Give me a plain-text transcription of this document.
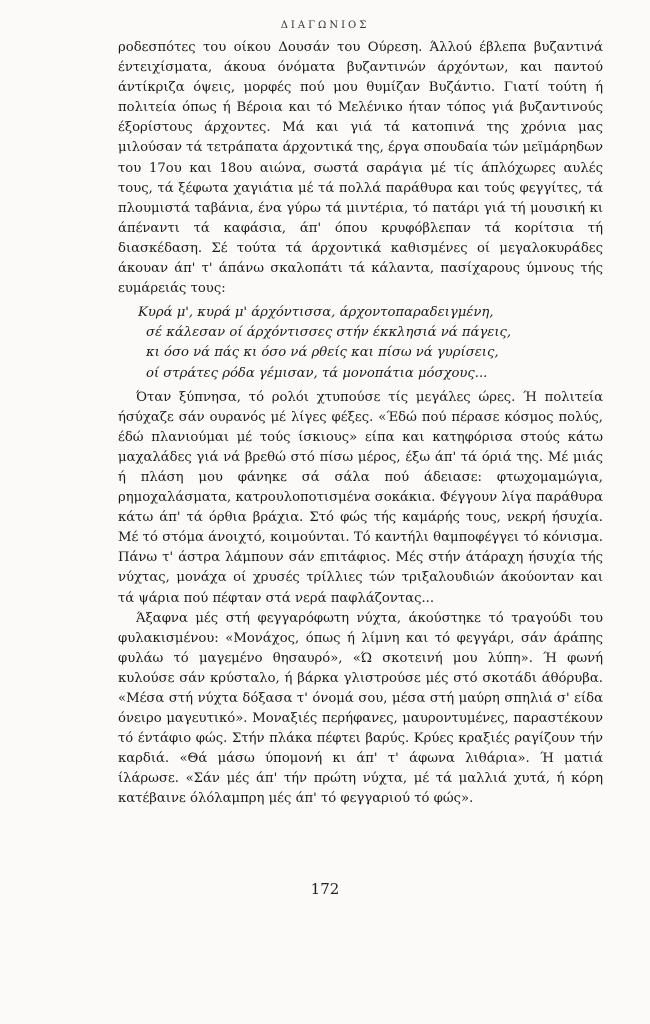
ΔΙΑΓΩΝΙΟΣ

ροδεσπότες του οίκου Δουσάν του Ούρεση. Άλλού έβλεπα βυζαντινά έντειχίσματα, άκουα όνόματα βυζαντινών άρχόντων, και παντού άντίκριζα όψεις, μορφές πού μου θυμίζαν Βυζάντιο. Γιατί τούτη ή πολιτεία όπως ή Βέροια και τό Μελένικο ήταν τόπος γιά βυζαντινούς έξορίστους άρχοντες. Μά και γιά τά κατοπινά της χρόνια μας μιλούσαν τά τετράπατα άρχοντικά της, έργα σπουδαία τών μεϊμάρηδων του 17ου και 18ου αιώνα, σωστά σαράγια μέ τίς άπλόχωρες αυλές τους, τά ξέφωτα χαγιάτια μέ τά πολλά παράθυρα και τούς φεγγίτες, τά πλουμιστά ταβάνια, ένα γύρω τά μιντέρια, τό πατάρι γιά τή μουσική κι άπέναντι τά καφάσια, άπ' όπου κρυφόβλεπαν τά κορίτσια τή διασκέδαση. Σέ τούτα τά άρχοντικά καθισμένες οί μεγαλοκυράδες άκουαν άπ' τ' άπάνω σκαλοπάτι τά κάλαντα, πασίχαρους ύμνους τής ευμάρειάς τους:

Κυρά μ', κυρά μ' άρχόντισσα, άρχοντοπαραδειγμένη,
σέ κάλεσαν οί άρχόντισσες στήν έκκλησιά νά πάγεις,
κι όσο νά πάς κι όσο νά ρθείς και πίσω νά γυρίσεις,
οί στράτες ρόδα γέμισαν, τά μονοπάτια μόσχους...

Όταν ξύπνησα, τό ρολόι χτυπούσε τίς μεγάλες ώρες. Ή πολιτεία ήσύχαζε σάν ουρανός μέ λίγες φέξες. «Έδώ πού πέρασε κόσμος πολύς, έδώ πλανιούμαι μέ τούς ίσκιους» είπα και κατηφόρισα στούς κάτω μαχαλάδες γιά νά βρεθώ στό πίσω μέρος, έξω άπ' τά όριά της. Μέ μιάς ή πλάση μου φάνηκε σά σάλα πού άδειασε: φτωχομαμώγια, ρημοχαλάσματα, κατρουλοποτισμένα σοκάκια. Φέγγουν λίγα παράθυρα κάτω άπ' τά όρθια βράχια. Στό φώς τής καμάρής τους, νεκρή ήσυχία. Μέ τό στόμα άνοιχτό, κοιμούνται. Τό καντήλι θαμποφέγγει τό κόνισμα. Πάνω τ' άστρα λάμπουν σάν επιτάφιος. Μές στήν άτάραχη ήσυχία τής νύχτας, μονάχα οί χρυσές τρίλλιες τών τριξαλουδιών άκούονταν και τά ψάρια πού πέφταν στά νερά παφλάζοντας...

Άξαφνα μές στή φεγγαρόφωτη νύχτα, άκούστηκε τό τραγούδι του φυλακισμένου: «Μονάχος, όπως ή λίμνη και τό φεγγάρι, σάν άράπης φυλάω τό μαγεμένο θησαυρό», «Ώ σκοτεινή μου λύπη». Ή φωνή κυλούσε σάν κρύσταλο, ή βάρκα γλιστρούσε μές στό σκοτάδι άθόρυβα. «Μέσα στή νύχτα δόξασα τ' όνομά σου, μέσα στή μαύρη σπηλιά σ' είδα όνειρο μαγευτικό». Μοναξιές περήφανες, μαυροντυμένες, παραστέκουν τό έντάφιο φώς. Στήν πλάκα πέφτει βαρύς. Κρύες κραξιές ραγίζουν τήν καρδιά. «Θά μάσω ύπομονή κι άπ' τ' άφωνα λιθάρια». Ή ματιά ίλάρωσε. «Σάν μές άπ' τήν πρώτη νύχτα, μέ τά μαλλιά χυτά, ή κόρη κατέβαινε όλόλαμπρη μές άπ' τό φεγγαριού τό φώς».

172
